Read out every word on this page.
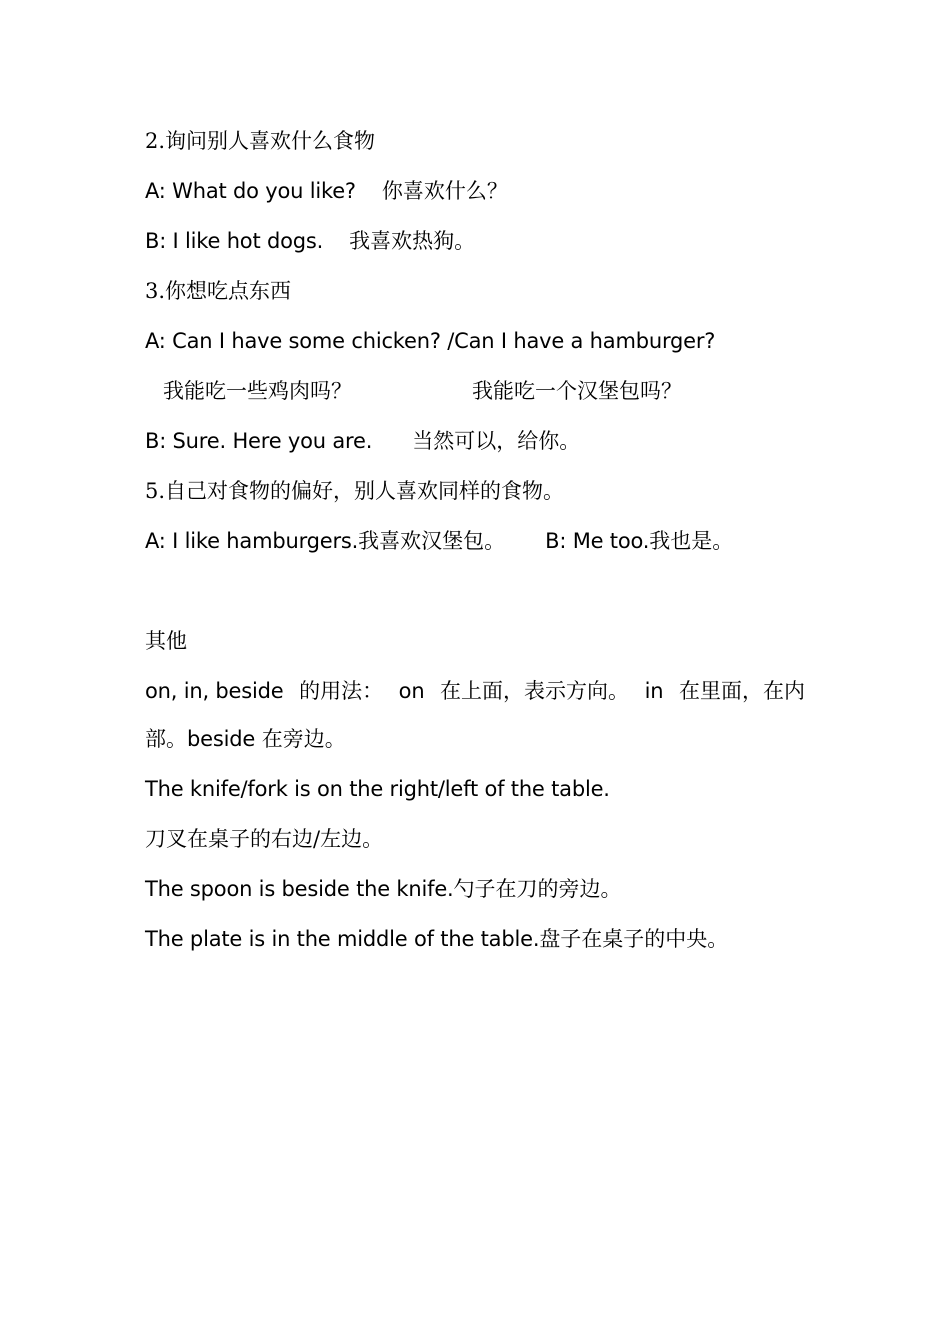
2.询问别人喜欢什么食物
A: What do you like? 你喜欢什么？
B: I like hot dogs. 我喜欢热狗。
3.你想吃点东西
A: Can I have some chicken? /Can I have a hamburger?
我能吃一些鸡肉吗？	我能吃一个汉堡包吗？
B: Sure. Here you are. 当然可以，给你。
5.自己对食物的偏好，别人喜欢同样的食物。
A: I like hamburgers.我喜欢汉堡包。 B: Me too.我也是。
其他
on, in, beside 的用法： on 在上面，表示方向。 in 在里面，在内
部。beside 在旁边。
The knife/fork is on the right/left of the table.
刀叉在桌子的右边/左边。
The spoon is beside the knife.勺子在刀的旁边。
The plate is in the middle of the table.盘子在桌子的中央。
